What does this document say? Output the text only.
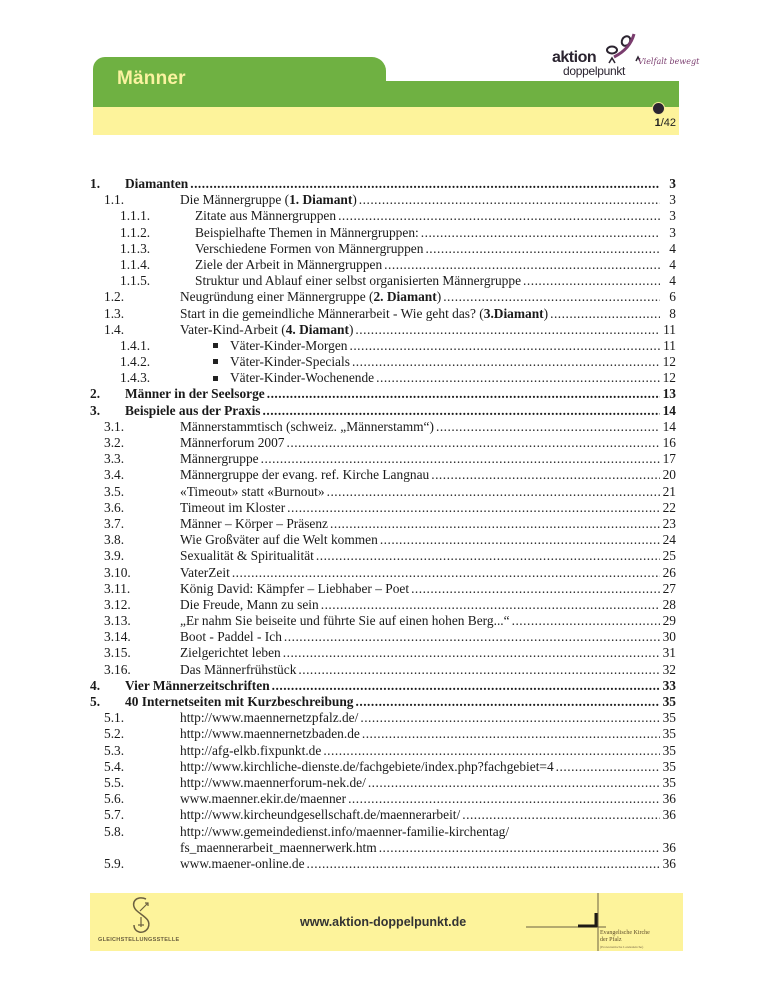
Männer
1/42
aktion
doppelpunkt
Vielfalt bewegt
1. Diamanten .....	3
1.1.	Die Männergruppe (1. Diamant) .....	3
1.1.1.	Zitate aus Männergruppen .....	3
1.1.2.	Beispielhafte Themen in Männergruppen: .....	3
1.1.3.	Verschiedene Formen von Männergruppen .....	4
1.1.4.	Ziele der Arbeit in Männergruppen .....	4
1.1.5.	Struktur und Ablauf einer selbst organisierten Männergruppe .....	4
1.2.	Neugründung einer Männergruppe (2. Diamant) .....	6
1.3.	Start in die gemeindliche Männerarbeit - Wie geht das? (3.Diamant) .....	8
1.4.	Vater-Kind-Arbeit (4. Diamant) .....	11
1.4.1.	Väter-Kinder-Morgen .....	11
1.4.2.	Väter-Kinder-Specials .....	12
1.4.3.	Väter-Kinder-Wochenende .....	12
2. Männer in der Seelsorge .....	13
3. Beispiele aus der Praxis .....	14
3.1.	Männerstammtisch (schweiz. „Männerstamm“) .....	14
3.2.	Männerforum 2007 .....	16
3.3.	Männergruppe .....	17
3.4.	Männergruppe der evang. ref. Kirche Langnau .....	20
3.5.	«Timeout» statt «Burnout» .....	21
3.6.	Timeout im Kloster .....	22
3.7.	Männer – Körper – Präsenz .....	23
3.8.	Wie Großväter auf die Welt kommen .....	24
3.9.	Sexualität & Spiritualität .....	25
3.10.	VaterZeit .....	26
3.11.	König David: Kämpfer – Liebhaber – Poet .....	27
3.12.	Die Freude, Mann zu sein .....	28
3.13.	„Er nahm Sie beiseite und führte Sie auf einen hohen Berg...“ .....	29
3.14.	Boot - Paddel - Ich .....	30
3.15.	Zielgerichtet leben .....	31
3.16.	Das Männerfrühstück .....	32
4. Vier Männerzeitschriften .....	33
5. 40 Internetseiten mit Kurzbeschreibung .....	35
5.1.	http://www.maennernetzpfalz.de/ .....	35
5.2.	http://www.maennernetzbaden.de .....	35
5.3.	http://afg-elkb.fixpunkt.de .....	35
5.4.	http://www.kirchliche-dienste.de/fachgebiete/index.php?fachgebiet=4 .....	35
5.5.	http://www.maennerforum-nek.de/ .....	35
5.6.	www.maenner.ekir.de/maenner .....	36
5.7.	http://www.kircheundgesellschaft.de/maennerarbeit/ .....	36
5.8.	http://www.gemeindedienst.info/maenner-familie-kirchentag/
fs_maennerarbeit_maennerwerk.htm .....	36
5.9.	www.maener-online.de .....	36
GLEICHSTELLUNGSSTELLE
www.aktion-doppelpunkt.de
Evangelische Kirche
der Pfalz
(Protestantische Landeskirche)
